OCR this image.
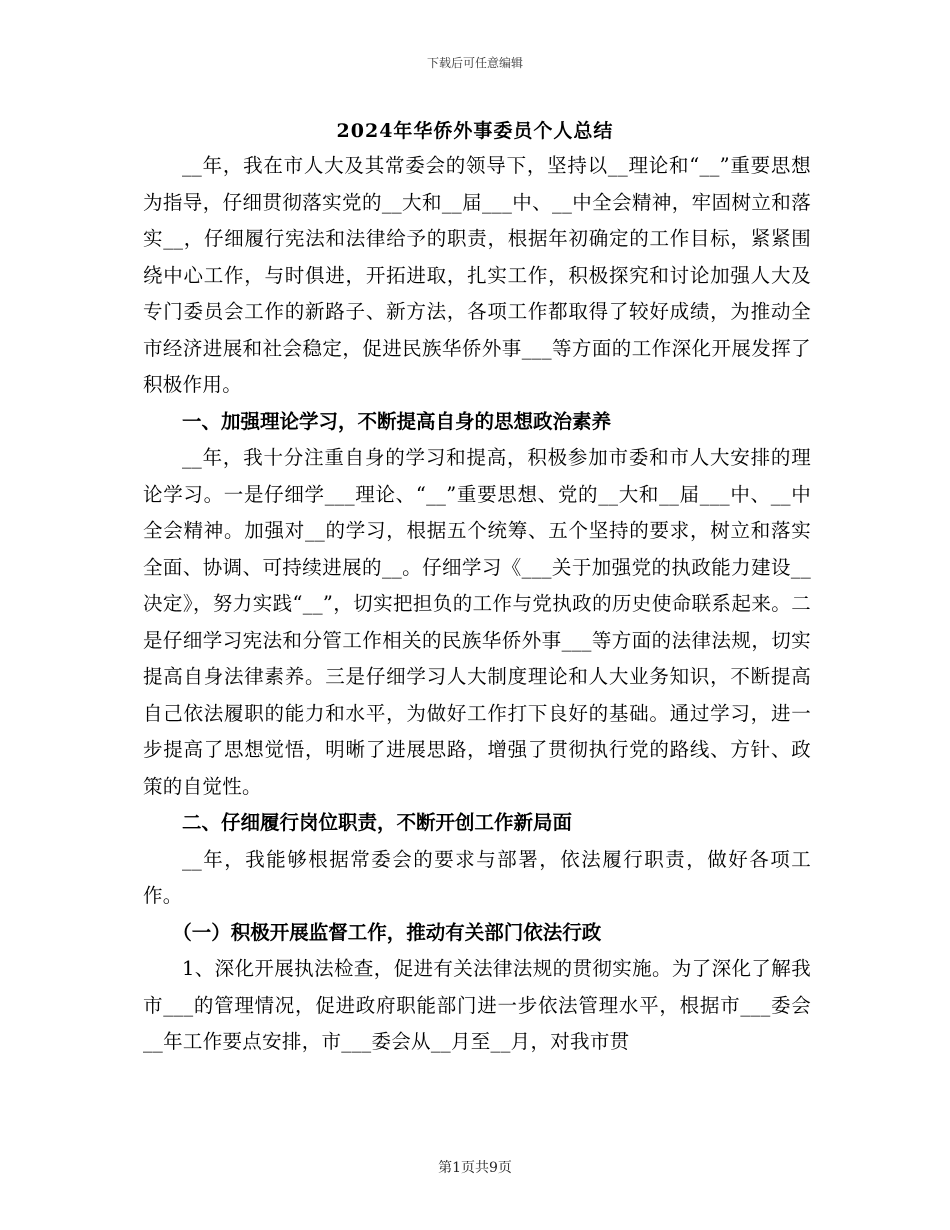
下载后可任意编辑
2024年华侨外事委员个人总结

__年，我在市人大及其常委会的领导下，坚持以__理论和“__”重要思想为指导，仔细贯彻落实党的__大和__届___中、__中全会精神，牢固树立和落实__，仔细履行宪法和法律给予的职责，根据年初确定的工作目标，紧紧围绕中心工作，与时俱进，开拓进取，扎实工作，积极探究和讨论加强人大及专门委员会工作的新路子、新方法，各项工作都取得了较好成绩，为推动全市经济进展和社会稳定，促进民族华侨外事___等方面的工作深化开展发挥了积极作用。

一、加强理论学习，不断提高自身的思想政治素养

__年，我十分注重自身的学习和提高，积极参加市委和市人大安排的理论学习。一是仔细学___理论、“__”重要思想、党的__大和__届___中、__中全会精神。加强对__的学习，根据五个统筹、五个坚持的要求，树立和落实全面、协调、可持续进展的__。仔细学习《___关于加强党的执政能力建设__决定》，努力实践“__”，切实把担负的工作与党执政的历史使命联系起来。二是仔细学习宪法和分管工作相关的民族华侨外事___等方面的法律法规，切实提高自身法律素养。三是仔细学习人大制度理论和人大业务知识，不断提高自己依法履职的能力和水平，为做好工作打下良好的基础。通过学习，进一步提高了思想觉悟，明晰了进展思路，增强了贯彻执行党的路线、方针、政策的自觉性。

二、仔细履行岗位职责，不断开创工作新局面

__年，我能够根据常委会的要求与部署，依法履行职责，做好各项工作。

（一）积极开展监督工作，推动有关部门依法行政

1、深化开展执法检查，促进有关法律法规的贯彻实施。为了深化了解我市___的管理情况，促进政府职能部门进一步依法管理水平，根据市___委会__年工作要点安排，市___委会从__月至__月，对我市贯

第1页共9页
